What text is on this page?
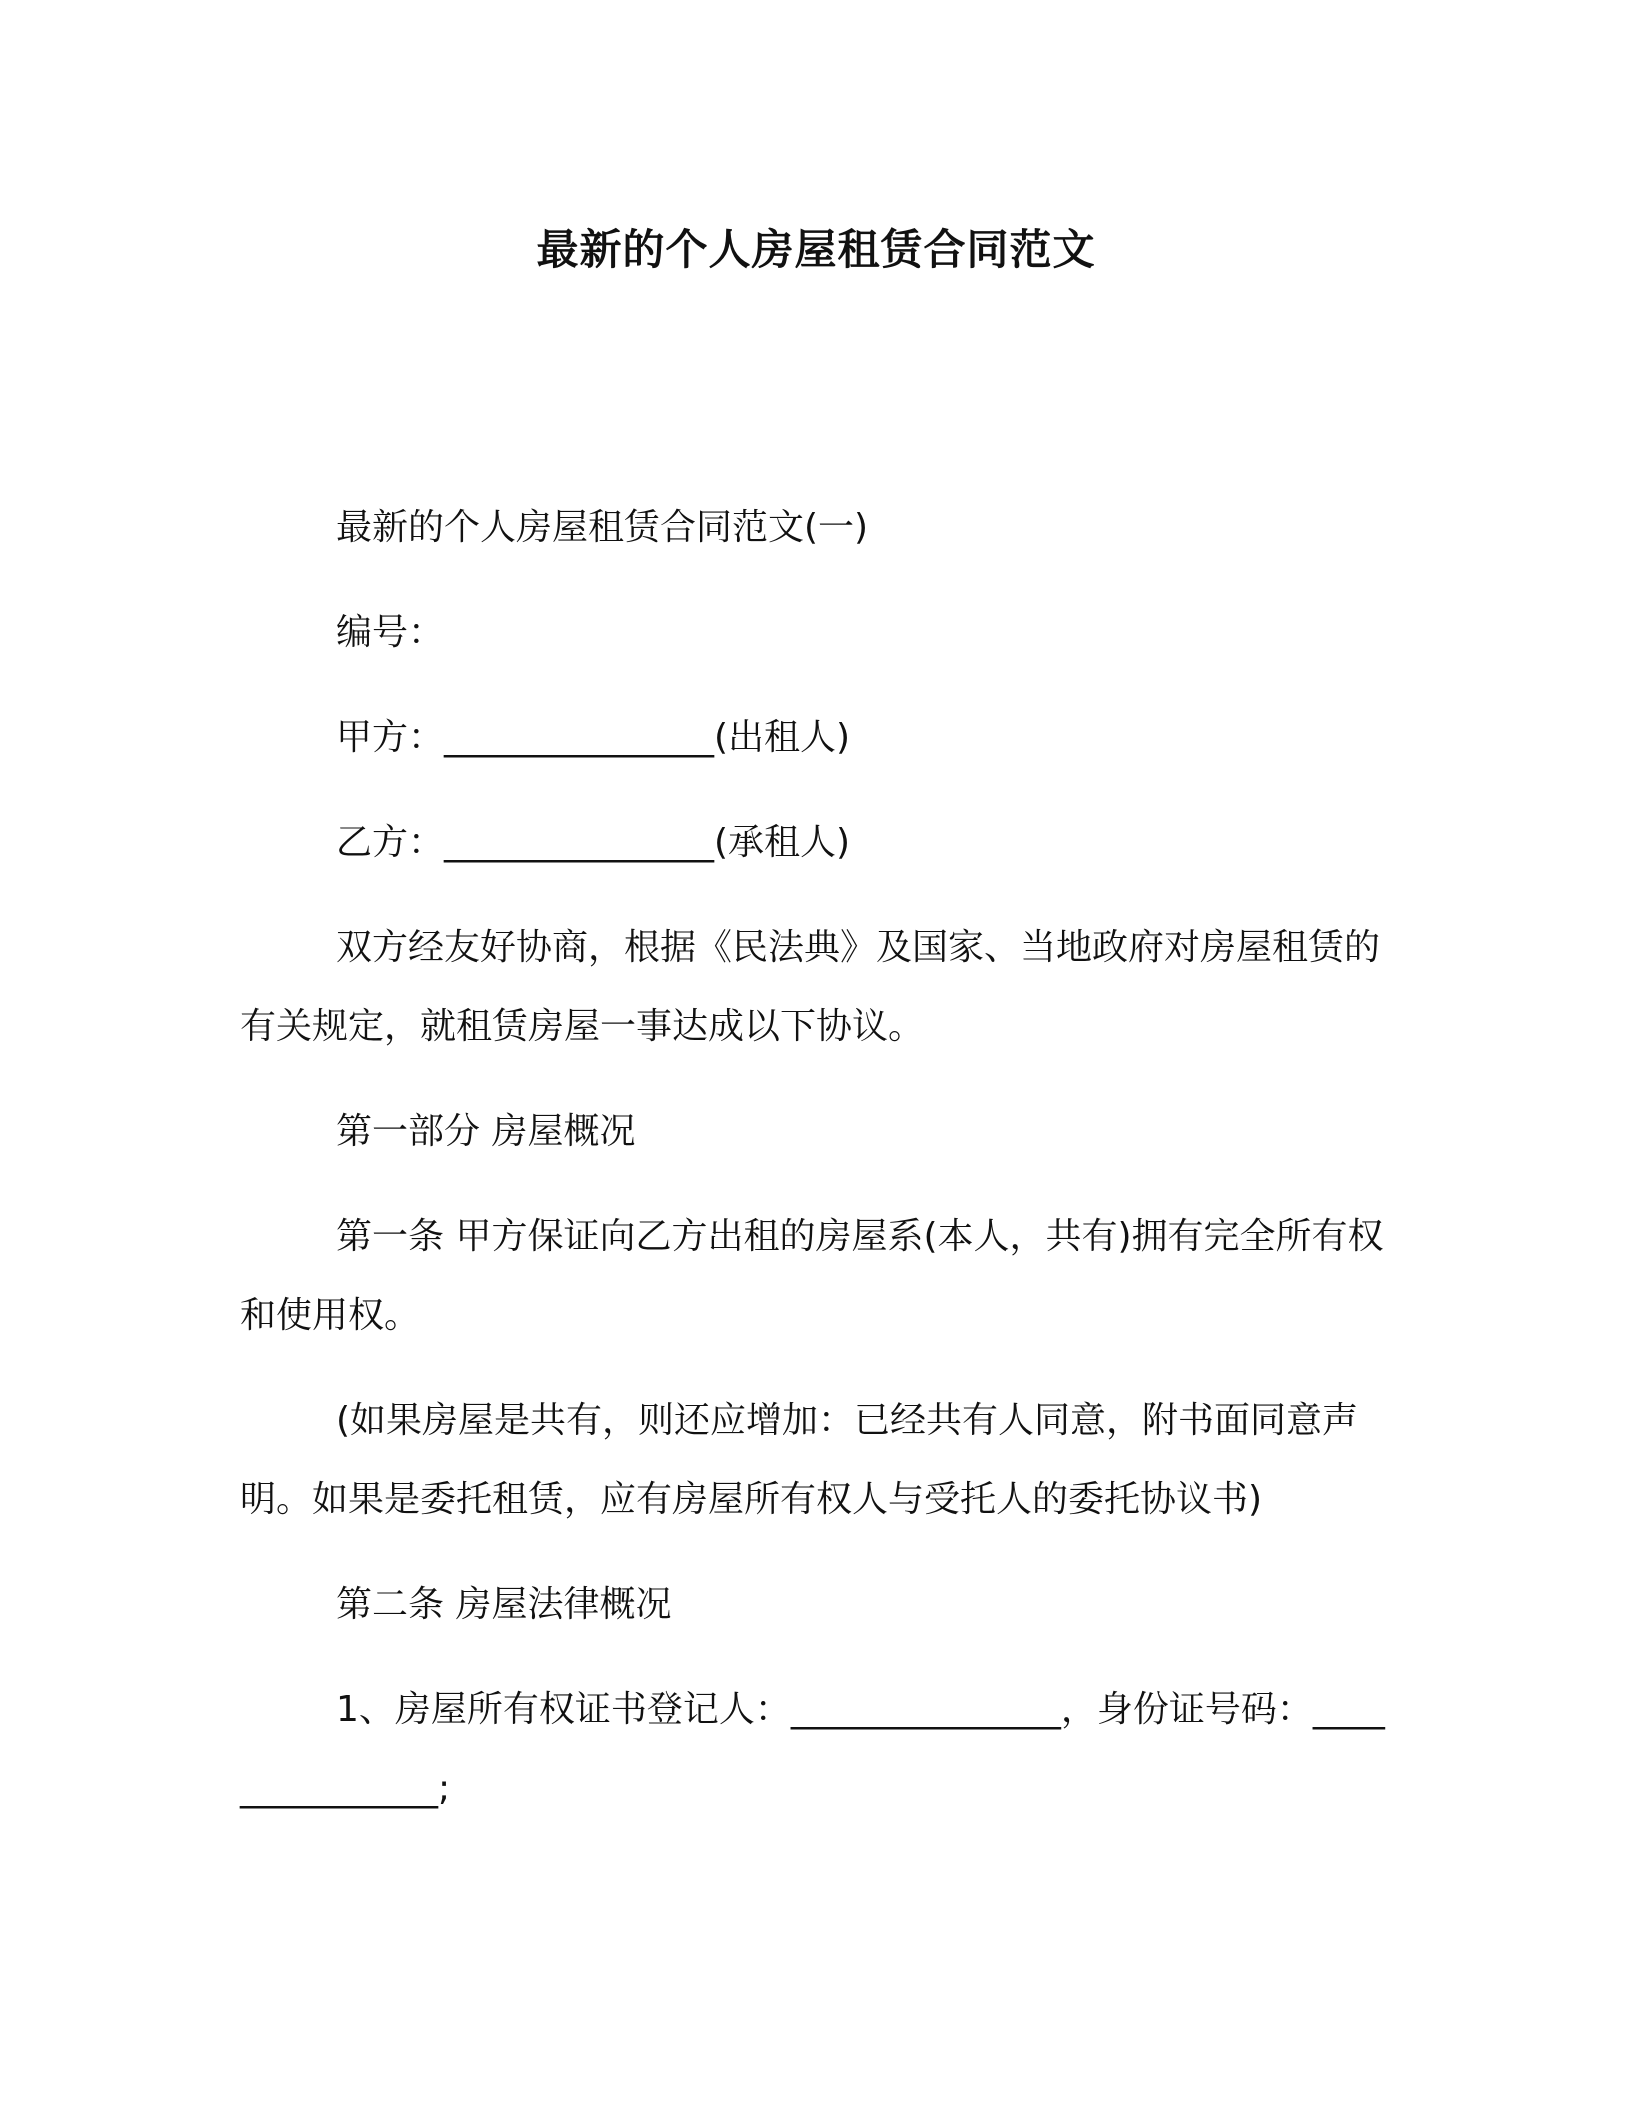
最新的个人房屋租赁合同范文

最新的个人房屋租赁合同范文(一)

编号：

甲方：_______________(出租人)

乙方：_______________(承租人)

双方经友好协商，根据《民法典》及国家、当地政府对房屋租赁的有关规定，就租赁房屋一事达成以下协议。

第一部分 房屋概况

第一条 甲方保证向乙方出租的房屋系(本人，共有)拥有完全所有权和使用权。

(如果房屋是共有，则还应增加：已经共有人同意，附书面同意声明。如果是委托租赁，应有房屋所有权人与受托人的委托协议书)

第二条 房屋法律概况

1、房屋所有权证书登记人：_______________，身份证号码：_______________;
